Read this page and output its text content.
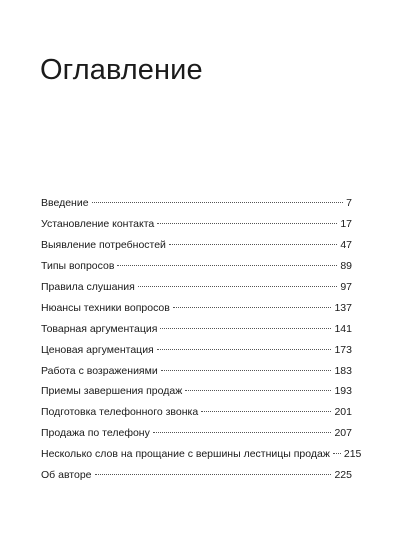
Оглавление
Введение	7
Установление контакта	17
Выявление потребностей	47
Типы вопросов	89
Правила слушания	97
Нюансы техники вопросов	137
Товарная аргументация	141
Ценовая аргументация	173
Работа с возражениями	183
Приемы завершения продаж	193
Подготовка телефонного звонка	201
Продажа по телефону	207
Несколько слов на прощание с вершины лестницы продаж 215
Об авторе	225
